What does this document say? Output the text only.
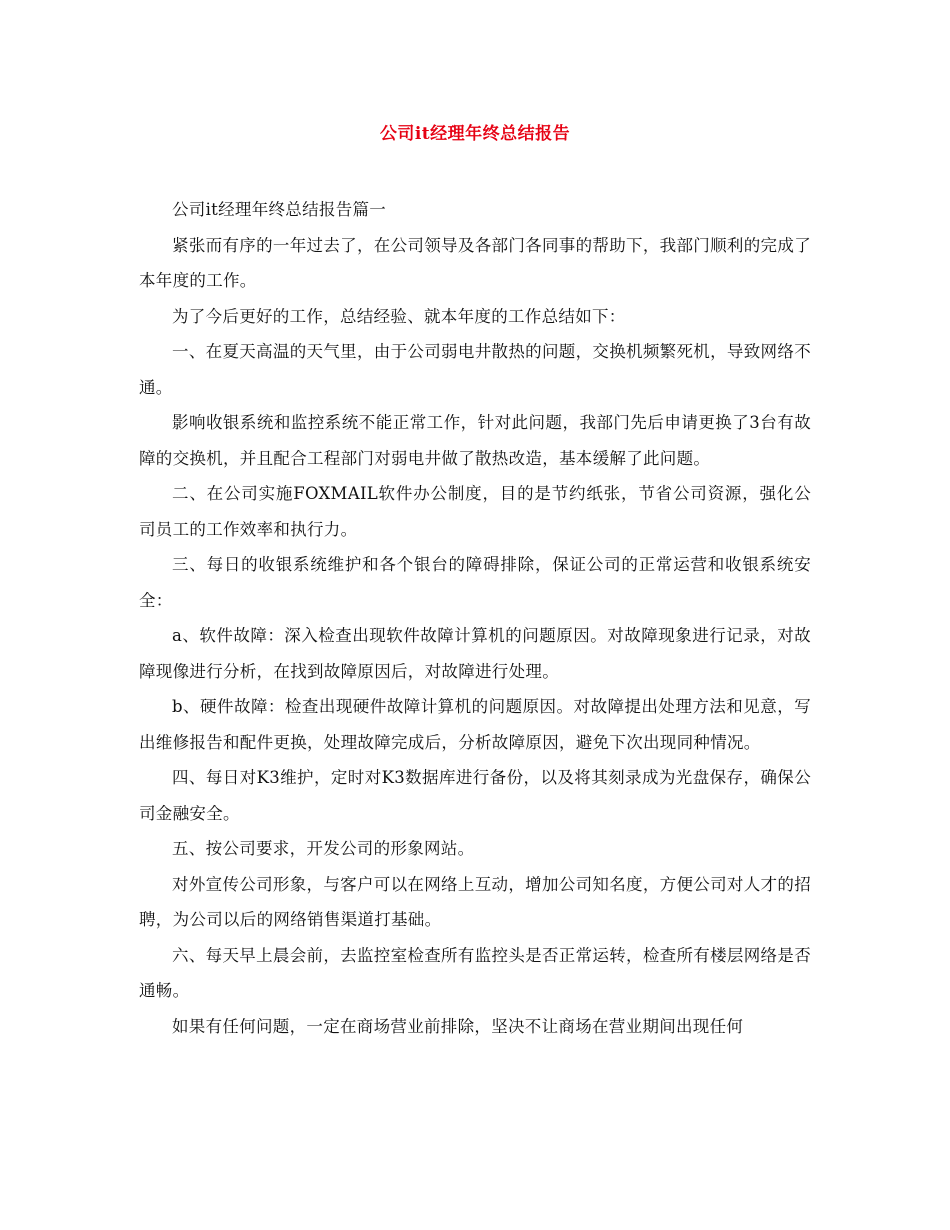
公司it经理年终总结报告

公司it经理年终总结报告篇一

紧张而有序的一年过去了，在公司领导及各部门各同事的帮助下，我部门顺利的完成了本年度的工作。

为了今后更好的工作，总结经验、就本年度的工作总结如下：

一、在夏天高温的天气里，由于公司弱电井散热的问题，交换机频繁死机，导致网络不通。

影响收银系统和监控系统不能正常工作，针对此问题，我部门先后申请更换了3台有故障的交换机，并且配合工程部门对弱电井做了散热改造，基本缓解了此问题。

二、在公司实施FOXMAIL软件办公制度，目的是节约纸张，节省公司资源，强化公司员工的工作效率和执行力。

三、每日的收银系统维护和各个银台的障碍排除，保证公司的正常运营和收银系统安全：

a、软件故障：深入检查出现软件故障计算机的问题原因。对故障现象进行记录，对故障现像进行分析，在找到故障原因后，对故障进行处理。

b、硬件故障：检查出现硬件故障计算机的问题原因。对故障提出处理方法和见意，写出维修报告和配件更换，处理故障完成后，分析故障原因，避免下次出现同种情况。

四、每日对K3维护，定时对K3数据库进行备份，以及将其刻录成为光盘保存，确保公司金融安全。

五、按公司要求，开发公司的形象网站。

对外宣传公司形象，与客户可以在网络上互动，增加公司知名度，方便公司对人才的招聘，为公司以后的网络销售渠道打基础。

六、每天早上晨会前，去监控室检查所有监控头是否正常运转，检查所有楼层网络是否通畅。

如果有任何问题，一定在商场营业前排除，坚决不让商场在营业期间出现任何
